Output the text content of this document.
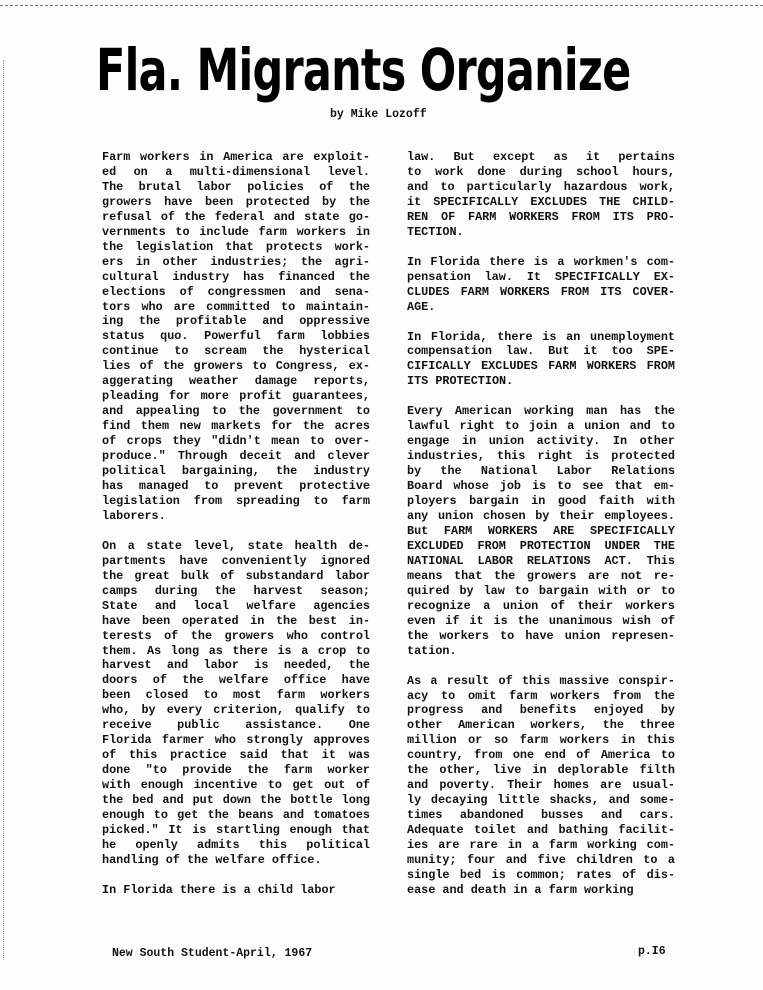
Fla. Migrants Organize
by Mike Lozoff

Farm workers in America are exploit-
ed on a multi-dimensional level.
The brutal labor policies of the
growers have been protected by the
refusal of the federal and state go-
vernments to include farm workers in
the legislation that protects work-
ers in other industries; the agri-
cultural industry has financed the
elections of congressmen and sena-
tors who are committed to maintain-
ing the profitable and oppressive
status quo. Powerful farm lobbies
continue to scream the hysterical
lies of the growers to Congress, ex-
aggerating weather damage reports,
pleading for more profit guarantees,
and appealing to the government to
find them new markets for the acres
of crops they "didn't mean to over-
produce." Through deceit and clever
political bargaining, the industry
has managed to prevent protective
legislation from spreading to farm
laborers.

On a state level, state health de-
partments have conveniently ignored
the great bulk of substandard labor
camps during the harvest season;
State and local welfare agencies
have been operated in the best in-
terests of the growers who control
them. As long as there is a crop to
harvest and labor is needed, the
doors of the welfare office have
been closed to most farm workers
who, by every criterion, qualify to
receive public assistance. One
Florida farmer who strongly approves
of this practice said that it was
done "to provide the farm worker
with enough incentive to get out of
the bed and put down the bottle long
enough to get the beans and tomatoes
picked." It is startling enough that
he openly admits this political
handling of the welfare office.

In Florida there is a child labor

law. But except as it pertains
to work done during school hours,
and to particularly hazardous work,
it SPECIFICALLY EXCLUDES THE CHILD-
REN OF FARM WORKERS FROM ITS PRO-
TECTION.

In Florida there is a workmen's com-
pensation law. It SPECIFICALLY EX-
CLUDES FARM WORKERS FROM ITS COVER-
AGE.

In Florida, there is an unemployment
compensation law. But it too SPE-
CIFICALLY EXCLUDES FARM WORKERS FROM
ITS PROTECTION.

Every American working man has the
lawful right to join a union and to
engage in union activity. In other
industries, this right is protected
by the National Labor Relations
Board whose job is to see that em-
ployers bargain in good faith with
any union chosen by their employees.
But FARM WORKERS ARE SPECIFICALLY
EXCLUDED FROM PROTECTION UNDER THE
NATIONAL LABOR RELATIONS ACT. This
means that the growers are not re-
quired by law to bargain with or to
recognize a union of their workers
even if it is the unanimous wish of
the workers to have union represen-
tation.

As a result of this massive conspir-
acy to omit farm workers from the
progress and benefits enjoyed by
other American workers, the three
million or so farm workers in this
country, from one end of America to
the other, live in deplorable filth
and poverty. Their homes are usual-
ly decaying little shacks, and some-
times abandoned busses and cars.
Adequate toilet and bathing facilit-
ies are rare in a farm working com-
munity; four and five children to a
single bed is common; rates of dis-
ease and death in a farm working

New South Student-April, 1967	p.I6
